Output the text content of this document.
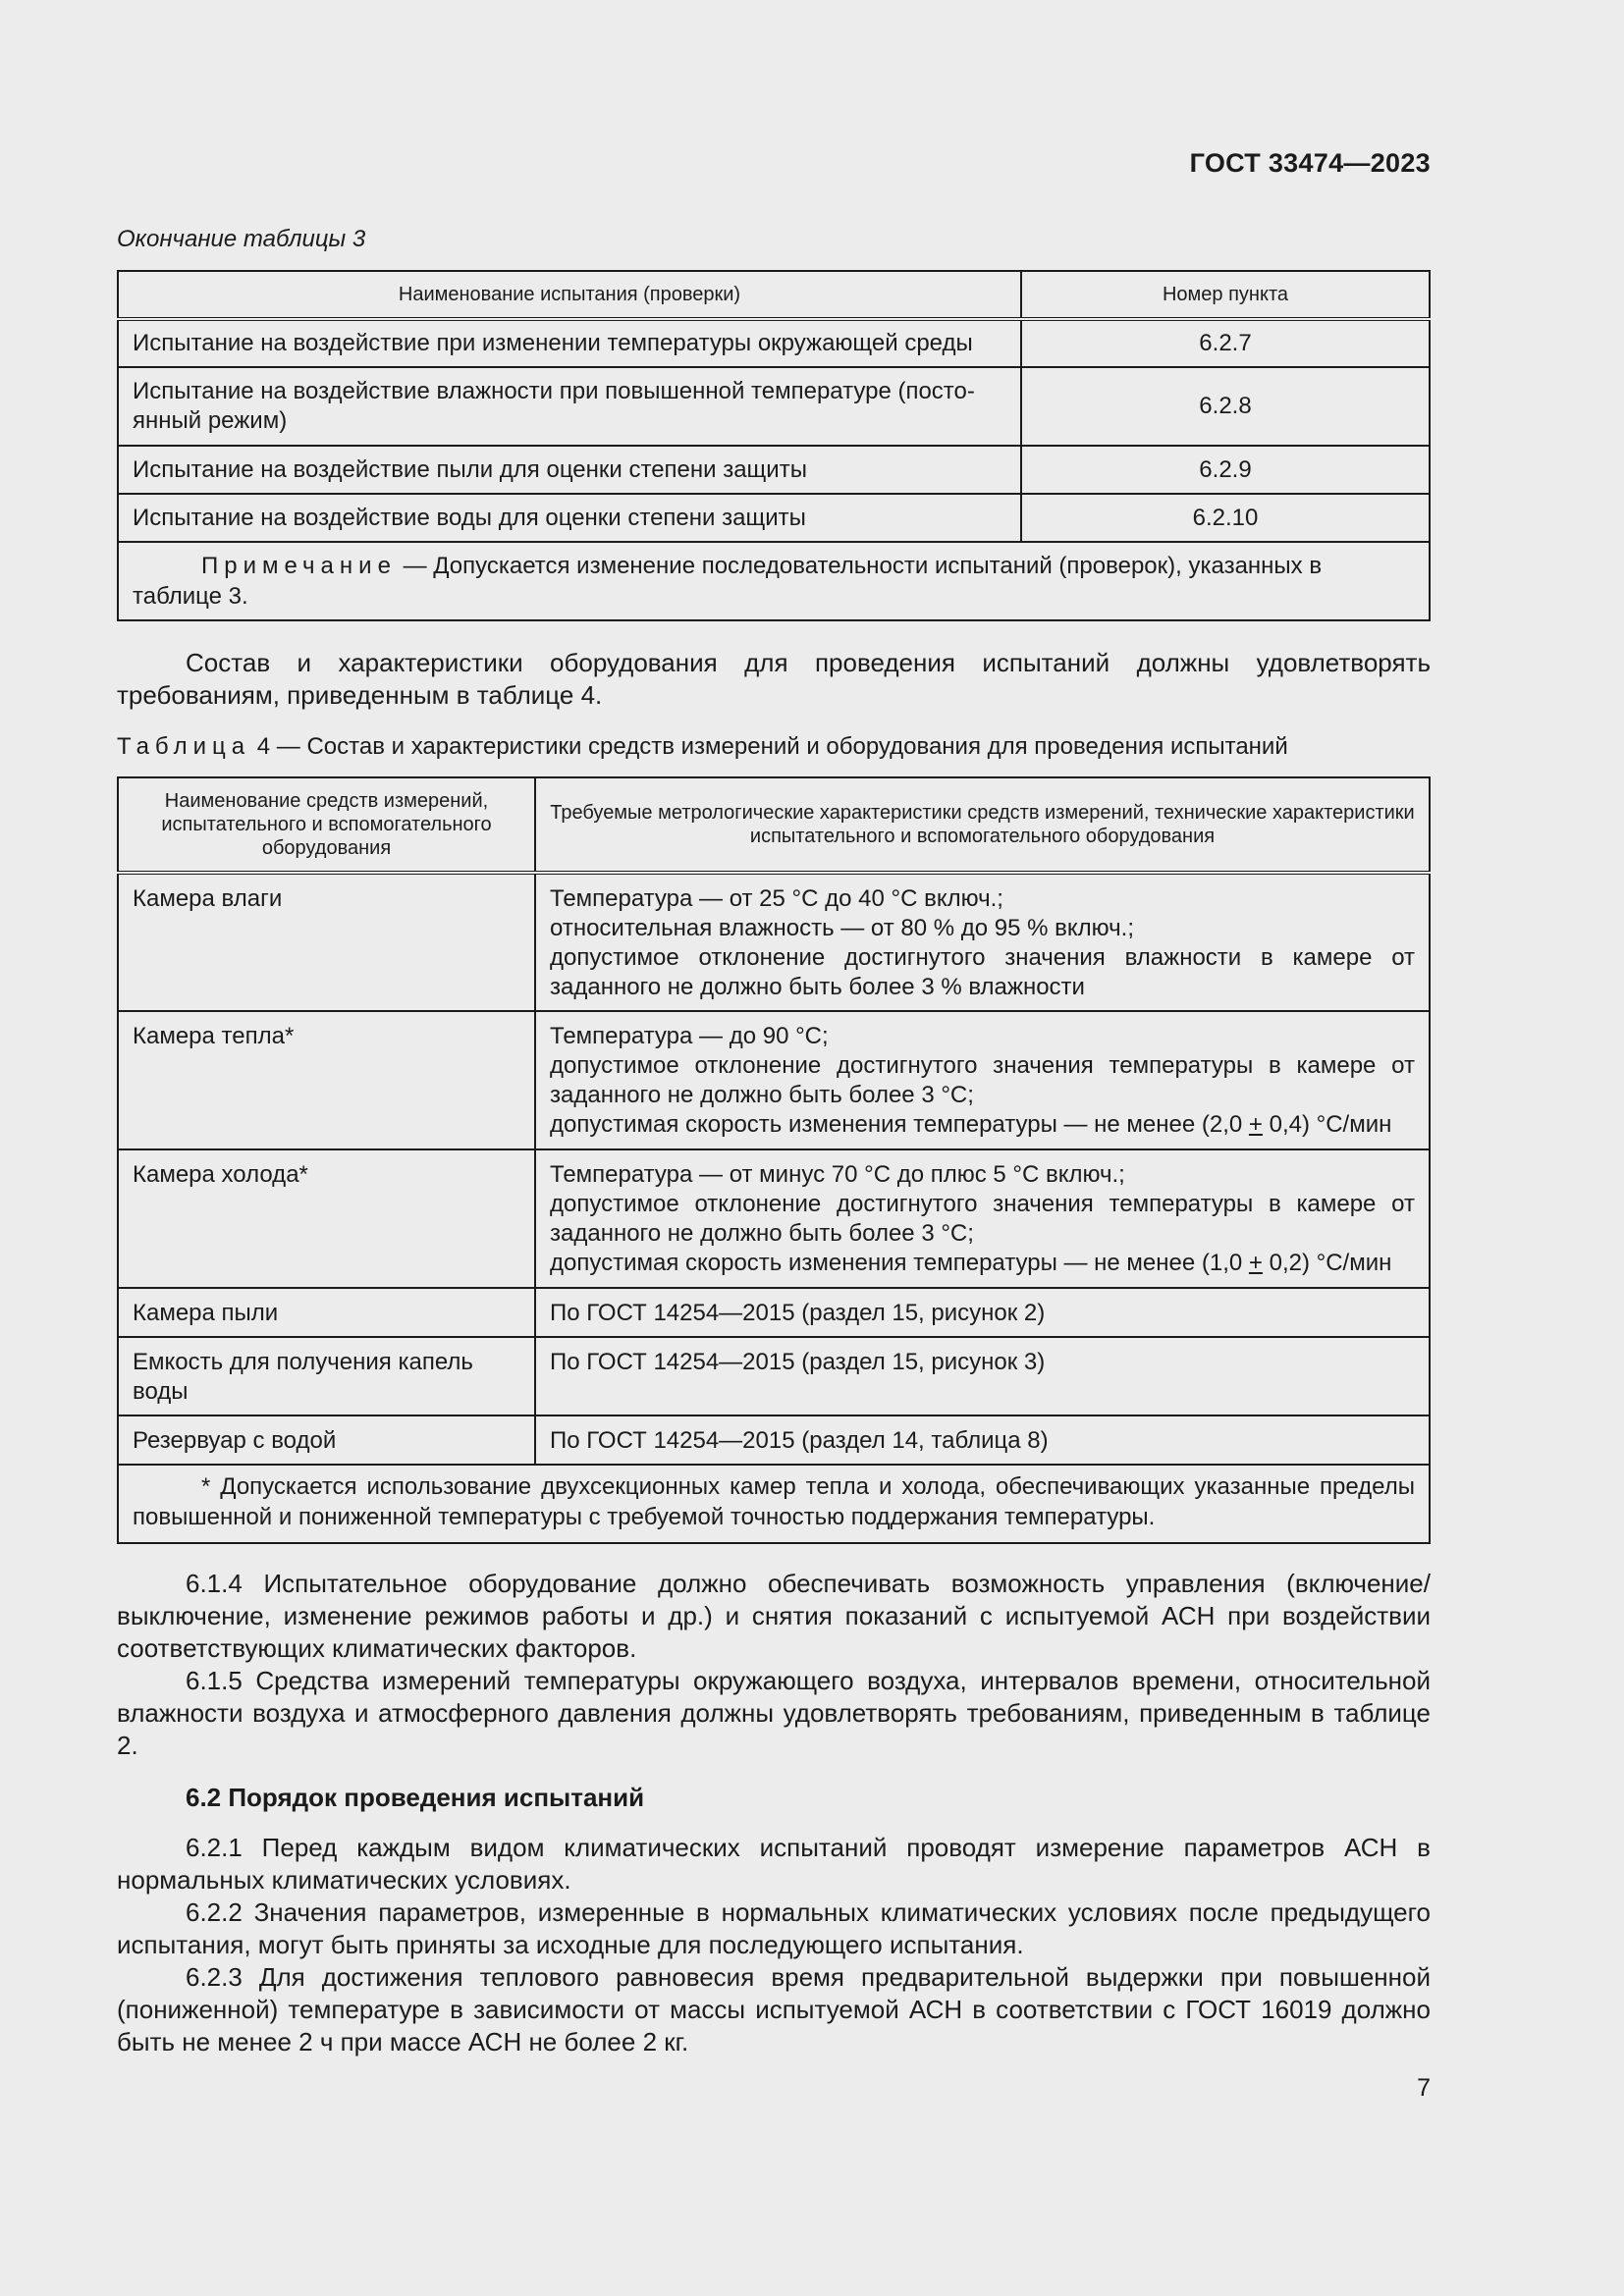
ГОСТ 33474—2023
Окончание таблицы 3
Наименование испытания (проверки)	Номер пункта
Испытание на воздействие при изменении температуры окружающей среды	6.2.7
Испытание на воздействие влажности при повышенной температуре (посто-янный режим)	6.2.8
Испытание на воздействие пыли для оценки степени защиты	6.2.9
Испытание на воздействие воды для оценки степени защиты	6.2.10
Примечание — Допускается изменение последовательности испытаний (проверок), указанных в таблице 3.	

Состав и характеристики оборудования для проведения испытаний должны удовлетворять требованиям, приведенным в таблице 4.

Таблица 4 — Состав и характеристики средств измерений и оборудования для проведения испытаний
Наименование средств измерений, испытательного и вспомогательного оборудования	Требуемые метрологические характеристики средств измерений, технические характеристики испытательного и вспомогательного оборудования
Камера влаги	Температура — от 25 °С до 40 °С включ.;
относительная влажность — от 80 % до 95 % включ.;
допустимое отклонение достигнутого значения влажности в камере от заданного не должно быть более 3 % влажности

Камера тепла*	Температура — до 90 °С;
допустимое отклонение достигнутого значения температуры в камере от заданного не должно быть более 3 °С;
допустимая скорость изменения температуры — не менее (2,0 + 0,4) °С/мин

Камера холода*	Температура — от минус 70 °С до плюс 5 °С включ.;
допустимое отклонение достигнутого значения температуры в камере от заданного не должно быть более 3 °С;
допустимая скорость изменения температуры — не менее (1,0 + 0,2) °С/мин

Камера пыли	По ГОСТ 14254—2015 (раздел 15, рисунок 2)
Емкость для получения капель воды	По ГОСТ 14254—2015 (раздел 15, рисунок 3)
Резервуар с водой	По ГОСТ 14254—2015 (раздел 14, таблица 8)
* Допускается использование двухсекционных камер тепла и холода, обеспечивающих указанные пределы повышенной и пониженной температуры с требуемой точностью поддержания температуры.	

6.1.4 Испытательное оборудование должно обеспечивать возможность управления (включение/выключение, изменение режимов работы и др.) и снятия показаний с испытуемой АСН при воздействии соответствующих климатических факторов.

6.1.5 Средства измерений температуры окружающего воздуха, интервалов времени, относительной влажности воздуха и атмосферного давления должны удовлетворять требованиям, приведенным в таблице 2.

6.2 Порядок проведения испытаний

6.2.1 Перед каждым видом климатических испытаний проводят измерение параметров АСН в нормальных климатических условиях.

6.2.2 Значения параметров, измеренные в нормальных климатических условиях после предыдущего испытания, могут быть приняты за исходные для последующего испытания.

6.2.3 Для достижения теплового равновесия время предварительной выдержки при повышенной (пониженной) температуре в зависимости от массы испытуемой АСН в соответствии с ГОСТ 16019 должно быть не менее 2 ч при массе АСН не более 2 кг.

7
